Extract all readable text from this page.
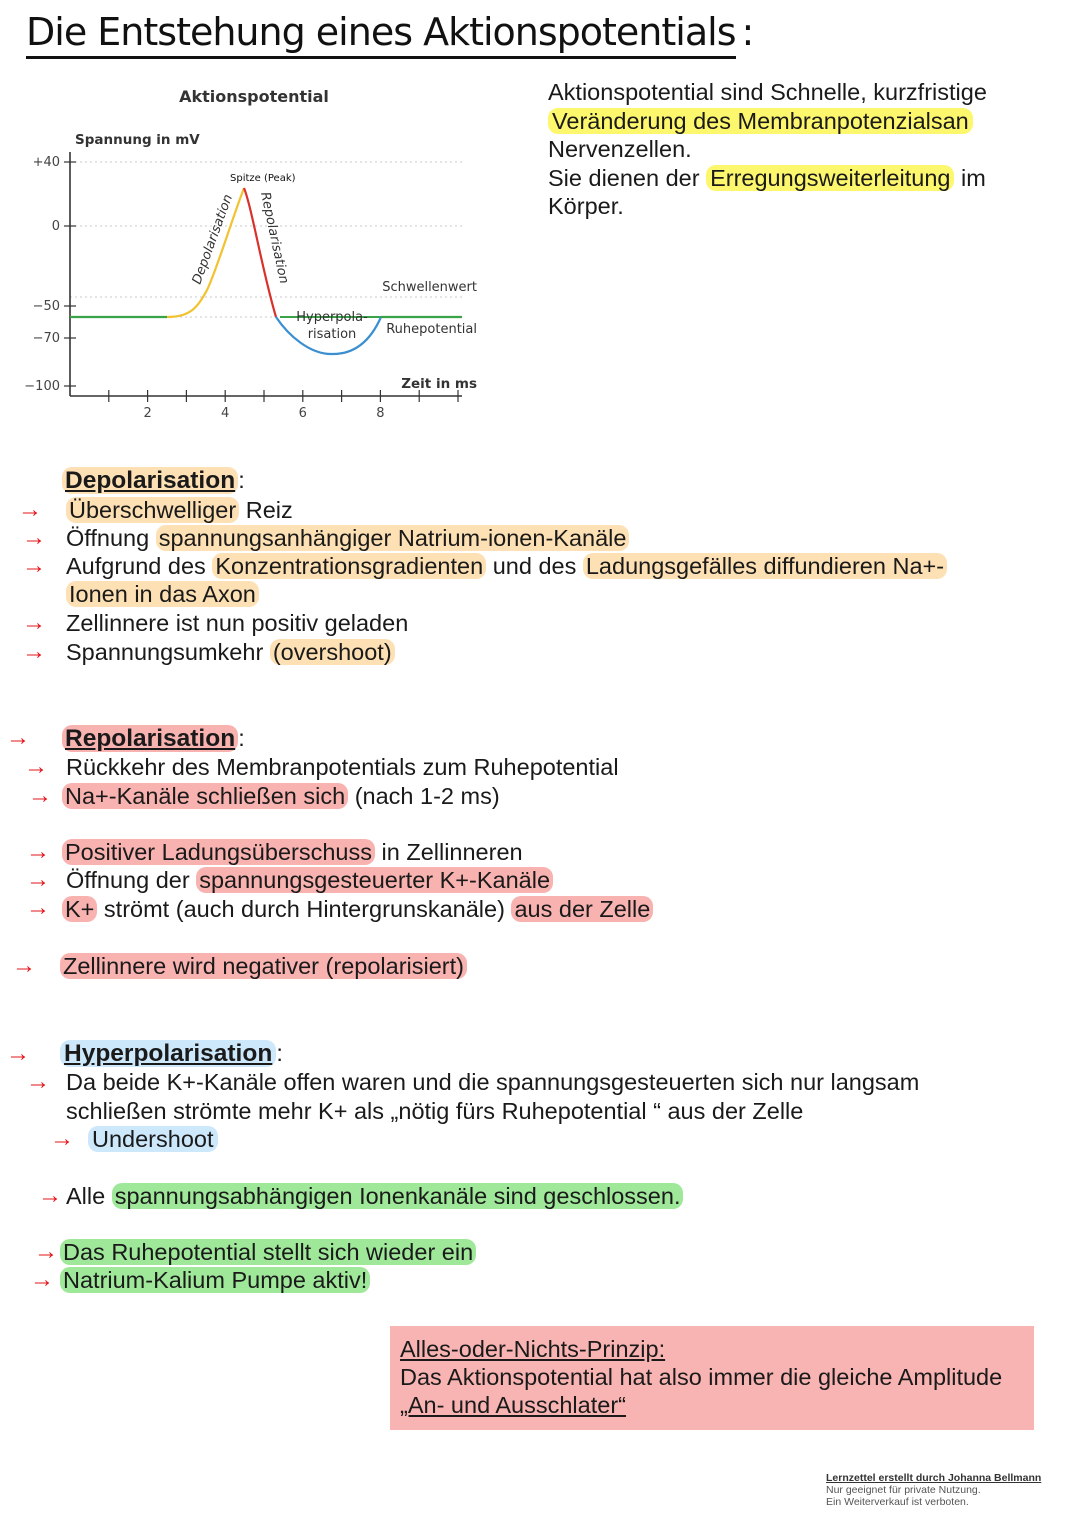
Die Entstehung eines Aktionspotentials :
Aktionspotential
Spannung in mV
Zeit in ms
+40
0
−50
−70
−100
2	4	6	8
Spitze (Peak)
Depolarisation Repolarisation
Hyperpola-
risation
Schwellenwert
Ruhepotential
Aktionspotential sind Schnelle, kurzfristige
Veränderung des Membranpotenzialsan
Nervenzellen.
Sie dienen der Erregungsweiterleitung im
Körper.
Depolarisation :
→ Überschwelliger Reiz
→ Öffnung spannungsanhängiger Natrium-ionen-Kanäle
→ Aufgrund des Konzentrationsgradienten und des Ladungsgefälles diffundieren Na+-
Ionen in das Axon
→ Zellinnere ist nun positiv geladen
→ Spannungsumkehr (overshoot)
→ Repolarisation :
→ Rückkehr des Membranpotentials zum Ruhepotential
→ Na+-Kanäle schließen sich (nach 1-2 ms)
→ Positiver Ladungsüberschuss in Zellinneren
→ Öffnung der spannungsgesteuerter K+-Kanäle
→ K+ strömt (auch durch Hintergrunskanäle) aus der Zelle
→ Zellinnere wird negativer (repolarisiert)
→ Hyperpolarisation :
→ Da beide K+-Kanäle offen waren und die spannungsgesteuerten sich nur langsam
schließen strömte mehr K+ als „nötig fürs Ruhepotential “ aus der Zelle
→ Undershoot
→ Alle spannungsabhängigen Ionenkanäle sind geschlossen.
→ Das Ruhepotential stellt sich wieder ein
→ Natrium-Kalium Pumpe aktiv!
Alles-oder-Nichts-Prinzip:
Das Aktionspotential hat also immer die gleiche Amplitude
„An- und Ausschlater“
Lernzettel erstellt durch Johanna Bellmann
Nur geeignet für private Nutzung.
Ein Weiterverkauf ist verboten.
